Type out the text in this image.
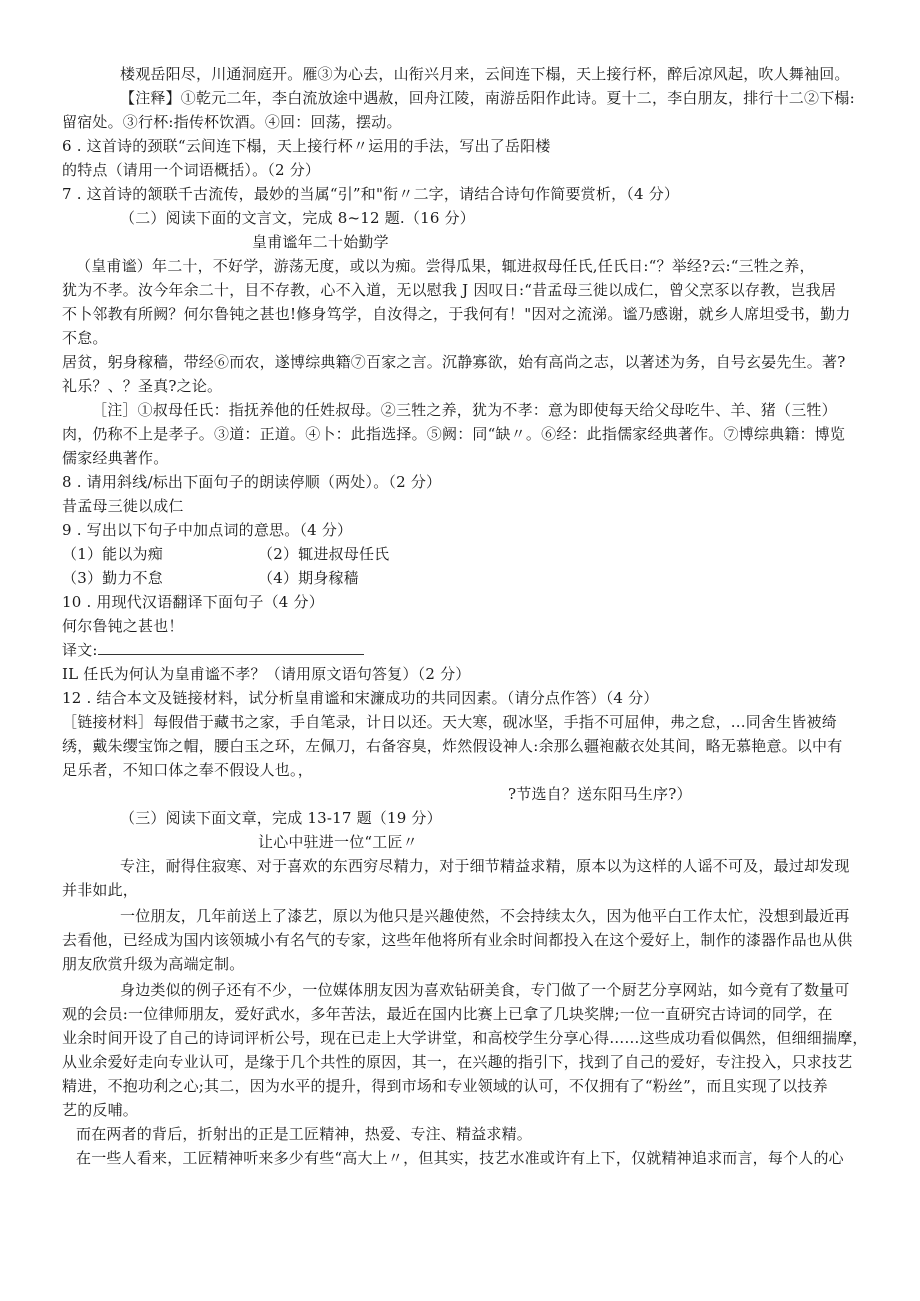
楼观岳阳尽，川通洞庭开。雁③为心去，山衔兴月来，云间连下榻，天上接行杯，醉后凉风起，吹人舞袖回。
【注释】①乾元二年，李白流放途中遇赦，回舟江陵，南游岳阳作此诗。夏十二，李白朋友，排行十二②下榻:
留宿处。③行杯:指传杯饮酒。④回：回荡，摆动。
6 . 这首诗的颈联“云间连下榻，天上接行杯〃运用的手法，写出了岳阳楼
的特点（请用一个词语概括）。（2 分）
7 . 这首诗的颔联千古流传，最妙的当属“引”和"衔〃二字，请结合诗句作简要赏析，（4 分）
（二）阅读下面的文言文，完成 8~12 题.（16 分）
皇甫谧年二十始勤学
（皇甫谧）年二十，不好学，游荡无度，或以为痴。尝得瓜果，辄进叔母任氏,任氏日:“？举经?云:“三牲之养，
犹为不孝。汝今年余二十，目不存教，心不入道，无以慰我 J 因叹日:“昔孟母三徙以成仁，曾父烹豕以存教，岂我居
不卜邻教有所阙？何尔鲁钝之甚也!修身笃学，自汝得之，于我何有！"因对之流涕。谧乃感谢，就乡人席坦受书，勤力
不怠。
居贫，躬身稼穑，带经⑥而农，遂博综典籍⑦百家之言。沉静寡欲，始有高尚之志，以著述为务，自号玄晏先生。著?
礼乐？、？圣真?之论。
［注］①叔母任氏：指抚养他的任姓叔母。②三牲之养，犹为不孝：意为即使每天给父母吃牛、羊、猪（三牲）
肉，仍称不上是孝子。③道：正道。④卜：此指选择。⑤阙：同“缺〃。⑥经：此指儒家经典著作。⑦博综典籍：博览
儒家经典著作。
8 . 请用斜线/标出下面句子的朗读停顺（两处）。（2 分）
昔孟母三徙以成仁
9 . 写出以下句子中加点词的意思。（4 分）
（1）能以为痴	（2）辄进叔母任氏
（3）勤力不怠	（4）期身稼穑
10 . 用现代汉语翻译下面句子（4 分）
何尔鲁钝之甚也！
译文:
IL 任氏为何认为皇甫谧不孝？（请用原文语句答复）（2 分）
12 . 结合本文及链接材料，试分析皇甫谧和宋濂成功的共同因素。（请分点作答）（4 分）
［链接材料］每假借于藏书之家，手自笔录，计日以还。天大寒，砚冰坚，手指不可屈伸，弗之怠，...同舍生皆被绮
绣，戴朱缨宝饰之帽，腰白玉之环，左佩刀，右备容臭，炸然假设神人:余那么疆袍蔽衣处其间，略无慕艳意。以中有
足乐者，不知口体之奉不假设人也。，
?节选自？送东阳马生序?）
（三）阅读下面文章，完成 13-17 题（19 分）
让心中驻进一位“工匠〃
专注，耐得住寂寒、对于喜欢的东西穷尽精力，对于细节精益求精，原本以为这样的人谣不可及，最过却发现
并非如此，
一位朋友，几年前送上了漆艺，原以为他只是兴趣使然，不会持续太久，因为他平白工作太忙，没想到最近再
去看他，已经成为国内该领城小有名气的专家，这些年他将所有业余时间都投入在这个爱好上，制作的漆器作品也从供
朋友欣赏升级为高端定制。
身边类似的例子还有不少，一位媒体朋友因为喜欢钻研美食，专门做了一个厨艺分享网站，如今竟有了数量可
观的会员:一位律师朋友，爱好武水，多年苦法，最近在国内比赛上已拿了几块奖牌;一位一直研究古诗词的同学，在
业余时间开设了自己的诗词评析公号，现在已走上大学讲堂，和高校学生分享心得……这些成功看似偶然，但细细揣摩，
从业余爱好走向专业认可，是缘于几个共性的原因，其一，在兴趣的指引下，找到了自己的爱好，专注投入，只求技艺
精进，不抱功利之心;其二，因为水平的提升，得到市场和专业领域的认可，不仅拥有了“粉丝”，而且实现了以技养
艺的反哺。
而在两者的背后，折射出的正是工匠精神，热爱、专注、精益求精。
在一些人看来，工匠精神听来多少有些“高大上〃，但其实，技艺水准或许有上下，仅就精神追求而言，每个人的心
